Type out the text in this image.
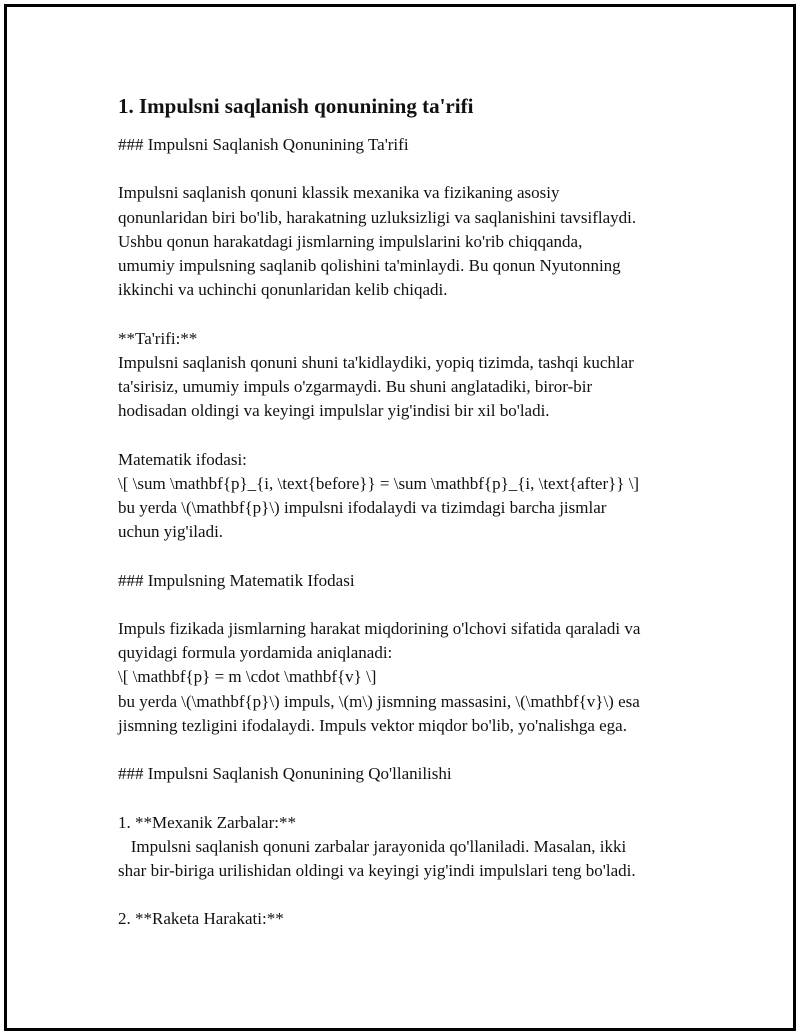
1. Impulsni saqlanish qonunining ta'rifi
### Impulsni Saqlanish Qonunining Ta'rifi
Impulsni saqlanish qonuni klassik mexanika va fizikaning asosiy
qonunlaridan biri bo'lib, harakatning uzluksizligi va saqlanishini tavsiflaydi.
Ushbu qonun harakatdagi jismlarning impulslarini ko'rib chiqqanda,
umumiy impulsning saqlanib qolishini ta'minlaydi. Bu qonun Nyutonning
ikkinchi va uchinchi qonunlaridan kelib chiqadi.
**Ta'rifi:**
Impulsni saqlanish qonuni shuni ta'kidlaydiki, yopiq tizimda, tashqi kuchlar
ta'sirisiz, umumiy impuls o'zgarmaydi. Bu shuni anglatadiki, biror-bir
hodisadan oldingi va keyingi impulslar yig'indisi bir xil bo'ladi.
Matematik ifodasi:
\[ \sum \mathbf{p}_{i, \text{before}} = \sum \mathbf{p}_{i, \text{after}} \]
bu yerda \(\mathbf{p}\) impulsni ifodalaydi va tizimdagi barcha jismlar
uchun yig'iladi.
### Impulsning Matematik Ifodasi
Impuls fizikada jismlarning harakat miqdorining o'lchovi sifatida qaraladi va
quyidagi formula yordamida aniqlanadi:
\[ \mathbf{p} = m \cdot \mathbf{v} \]
bu yerda \(\mathbf{p}\) impuls, \(m\) jismning massasini, \(\mathbf{v}\) esa
jismning tezligini ifodalaydi. Impuls vektor miqdor bo'lib, yo'nalishga ega.
### Impulsni Saqlanish Qonunining Qo'llanilishi
1. **Mexanik Zarbalar:**
Impulsni saqlanish qonuni zarbalar jarayonida qo'llaniladi. Masalan, ikki
shar bir-biriga urilishidan oldingi va keyingi yig'indi impulslari teng bo'ladi.
2. **Raketa Harakati:**
